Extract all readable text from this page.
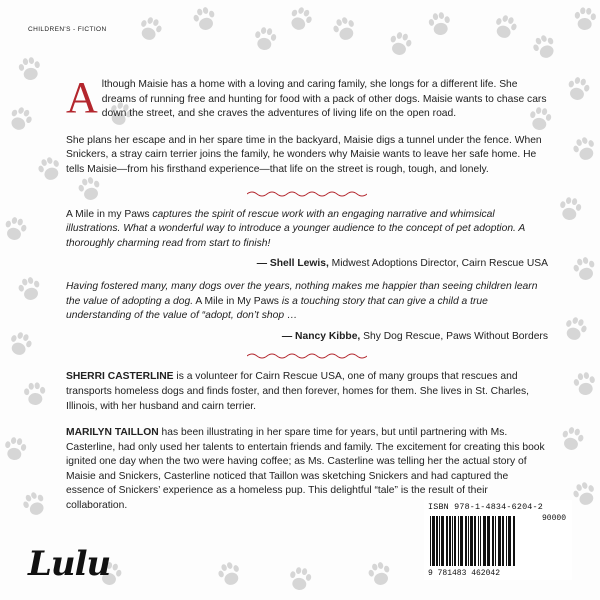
CHILDREN'S - FICTION

Although Maisie has a home with a loving and caring family, she longs for a different life. She dreams of running free and hunting for food with a pack of other dogs. Maisie wants to chase cars down the street, and she craves the adventures of living life on the open road.

She plans her escape and in her spare time in the backyard, Maisie digs a tunnel under the fence. When Snickers, a stray cairn terrier joins the family, he wonders why Maisie wants to leave her safe home. He tells Maisie—from his firsthand experience—that life on the street is rough, tough, and lonely.

A Mile in my Paws captures the spirit of rescue work with an engaging narrative and whimsical illustrations. What a wonderful way to introduce a younger audience to the concept of pet adoption. A thoroughly charming read from start to finish!

— Shell Lewis, Midwest Adoptions Director, Cairn Rescue USA

Having fostered many, many dogs over the years, nothing makes me happier than seeing children learn the value of adopting a dog. A Mile in My Paws is a touching story that can give a child a true understanding of the value of “adopt, don’t shop …

— Nancy Kibbe, Shy Dog Rescue, Paws Without Borders

SHERRI CASTERLINE is a volunteer for Cairn Rescue USA, one of many groups that rescues and transports homeless dogs and finds foster, and then forever, homes for them. She lives in St. Charles, Illinois, with her husband and cairn terrier.

MARILYN TAILLON has been illustrating in her spare time for years, but until partnering with Ms. Casterline, had only used her talents to entertain friends and family. The excitement for creating this book ignited one day when the two were having coffee; as Ms. Casterline was telling her the actual story of Maisie and Snickers, Casterline noticed that Taillon was sketching Snickers and had captured the essence of Snickers’ experience as a homeless pup. This delightful “tale” is the result of their collaboration.

Lulu
ISBN 978-1-4834-6204-2
90000
9 781483 462042
